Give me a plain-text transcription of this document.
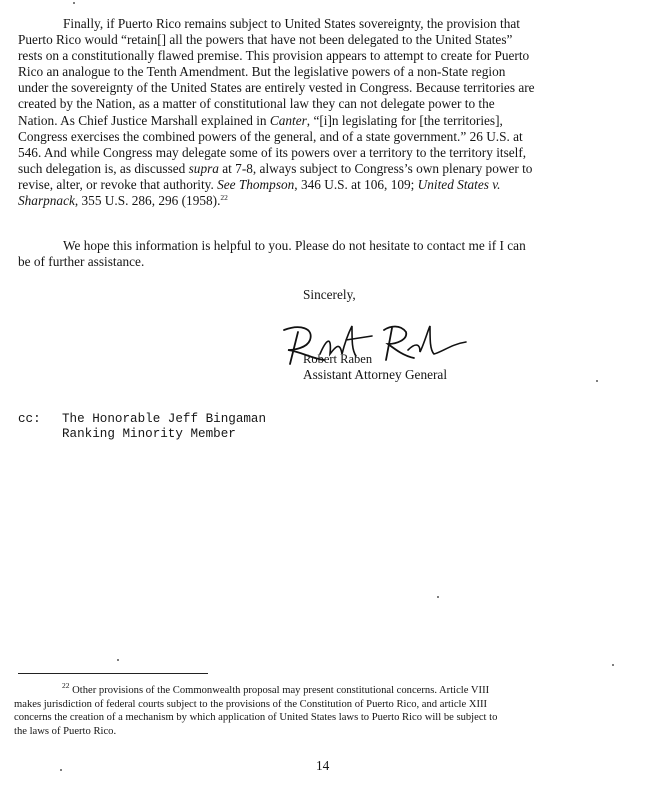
Finally, if Puerto Rico remains subject to United States sovereignty, the provision that
Puerto Rico would “retain[] all the powers that have not been delegated to the United States”
rests on a constitutionally flawed premise. This provision appears to attempt to create for Puerto
Rico an analogue to the Tenth Amendment. But the legislative powers of a non-State region
under the sovereignty of the United States are entirely vested in Congress. Because territories are
created by the Nation, as a matter of constitutional law they can not delegate power to the
Nation. As Chief Justice Marshall explained in Canter, “[i]n legislating for [the territories],
Congress exercises the combined powers of the general, and of a state government.” 26 U.S. at
546. And while Congress may delegate some of its powers over a territory to the territory itself,
such delegation is, as discussed supra at 7-8, always subject to Congress’s own plenary power to
revise, alter, or revoke that authority. See Thompson, 346 U.S. at 106, 109; United States v.
Sharpnack, 355 U.S. 286, 296 (1958).$^{22}$
We hope this information is helpful to you. Please do not hesitate to contact me if I can
be of further assistance.
Sincerely,
Robert Raben
Assistant Attorney General
cc: The Honorable Jeff Bingaman
Ranking Minority Member
$^{22}$ Other provisions of the Commonwealth proposal may present constitutional concerns. Article VIII
makes jurisdiction of federal courts subject to the provisions of the Constitution of Puerto Rico, and article XIII
concerns the creation of a mechanism by which application of United States laws to Puerto Rico will be subject to
the laws of Puerto Rico.
14
